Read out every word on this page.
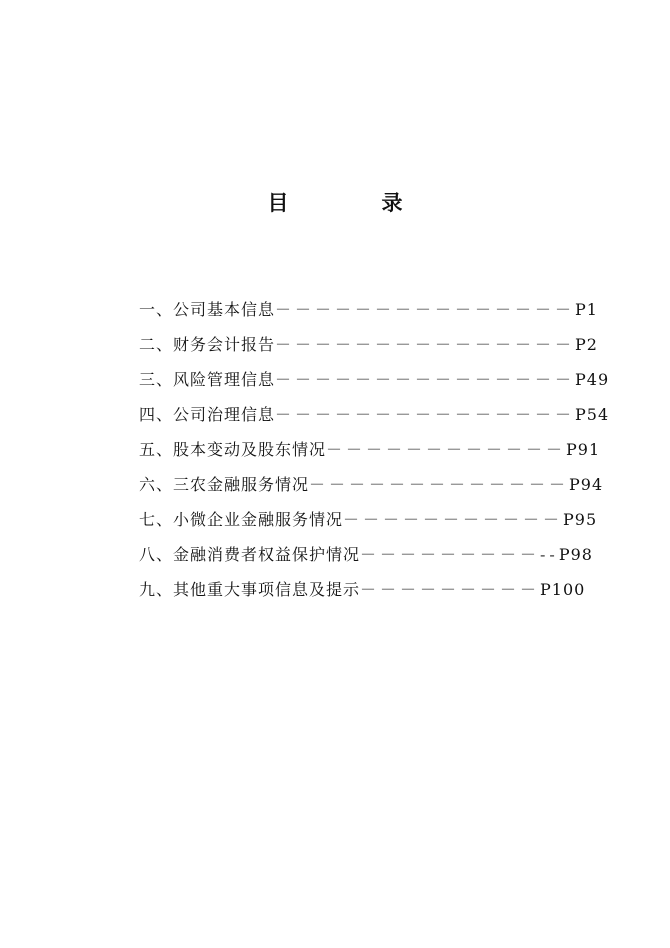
目　录
一、公司基本信息－－－－－－－－－－－－－－－P1
二、财务会计报告－－－－－－－－－－－－－－－P2
三、风险管理信息－－－－－－－－－－－－－－－P49
四、公司治理信息－－－－－－－－－－－－－－－P54
五、股本变动及股东情况－－－－－－－－－－－－P91
六、三农金融服务情况－－－－－－－－－－－－－P94
七、小微企业金融服务情况－－－－－－－－－－－P95
八、金融消费者权益保护情况－－－－－－－－－--P98
九、其他重大事项信息及提示－－－－－－－－－P100
